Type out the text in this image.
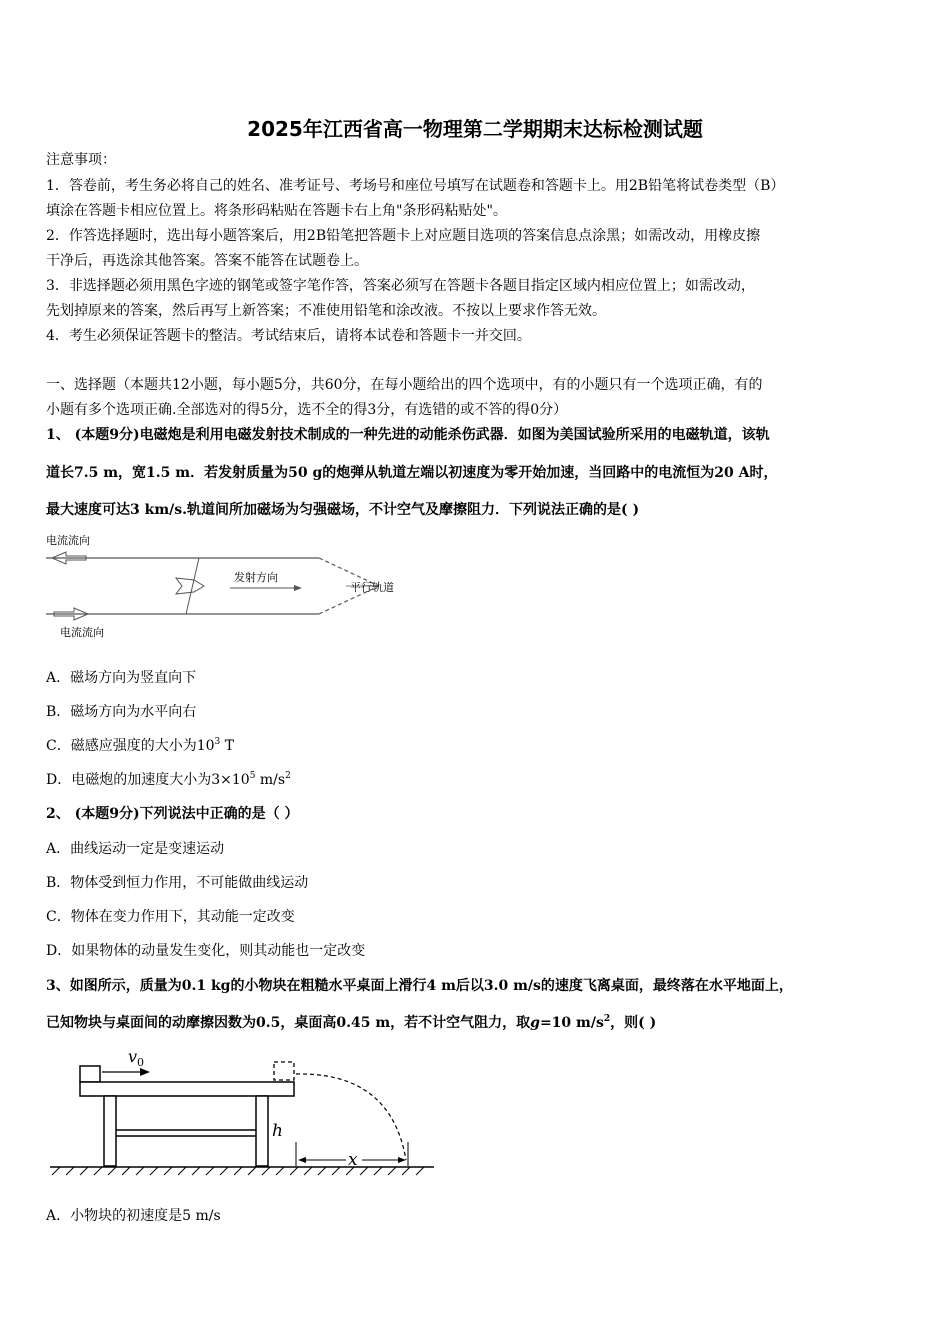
2025年江西省高一物理第二学期期末达标检测试题
注意事项：
1．答卷前，考生务必将自己的姓名、准考证号、考场号和座位号填写在试题卷和答题卡上。用2B铅笔将试卷类型（B）
填涂在答题卡相应位置上。将条形码粘贴在答题卡右上角"条形码粘贴处"。
2．作答选择题时，选出每小题答案后，用2B铅笔把答题卡上对应题目选项的答案信息点涂黑；如需改动，用橡皮擦
干净后，再选涂其他答案。答案不能答在试题卷上。
3．非选择题必须用黑色字迹的钢笔或签字笔作答，答案必须写在答题卡各题目指定区域内相应位置上；如需改动，
先划掉原来的答案，然后再写上新答案；不准使用铅笔和涂改液。不按以上要求作答无效。
4．考生必须保证答题卡的整洁。考试结束后，请将本试卷和答题卡一并交回。
一、选择题（本题共12小题，每小题5分，共60分，在每小题给出的四个选项中，有的小题只有一个选项正确，有的
小题有多个选项正确.全部选对的得5分，选不全的得3分，有选错的或不答的得0分）
1、 (本题9分)电磁炮是利用电磁发射技术制成的一种先进的动能杀伤武器．如图为美国试验所采用的电磁轨道，该轨
道长7.5 m，宽1.5 m．若发射质量为50 g的炮弹从轨道左端以初速度为零开始加速，当回路中的电流恒为20 A时，
最大速度可达3 km/s.轨道间所加磁场为匀强磁场，不计空气及摩擦阻力．下列说法正确的是( )
电流流向
电流流向
发射方向
平行轨道
A．磁场方向为竖直向下
B．磁场方向为水平向右
C．磁感应强度的大小为$10^3$ T
D．电磁炮的加速度大小为$3\times 10^5$ $m/s^2$
2、 (本题9分)下列说法中正确的是（ ）
A．曲线运动一定是变速运动
B．物体受到恒力作用，不可能做曲线运动
C．物体在变力作用下，其动能一定改变
D．如果物体的动量发生变化，则其动能也一定改变
3、如图所示，质量为0.1 kg的小物块在粗糙水平桌面上滑行4 m后以3.0 m/s的速度飞离桌面，最终落在水平地面上，
已知物块与桌面间的动摩擦因数为0.5，桌面高0.45 m，若不计空气阻力，取g=10 $m/s^2$，则( )
$v_0$
h
x
A．小物块的初速度是5 m/s
